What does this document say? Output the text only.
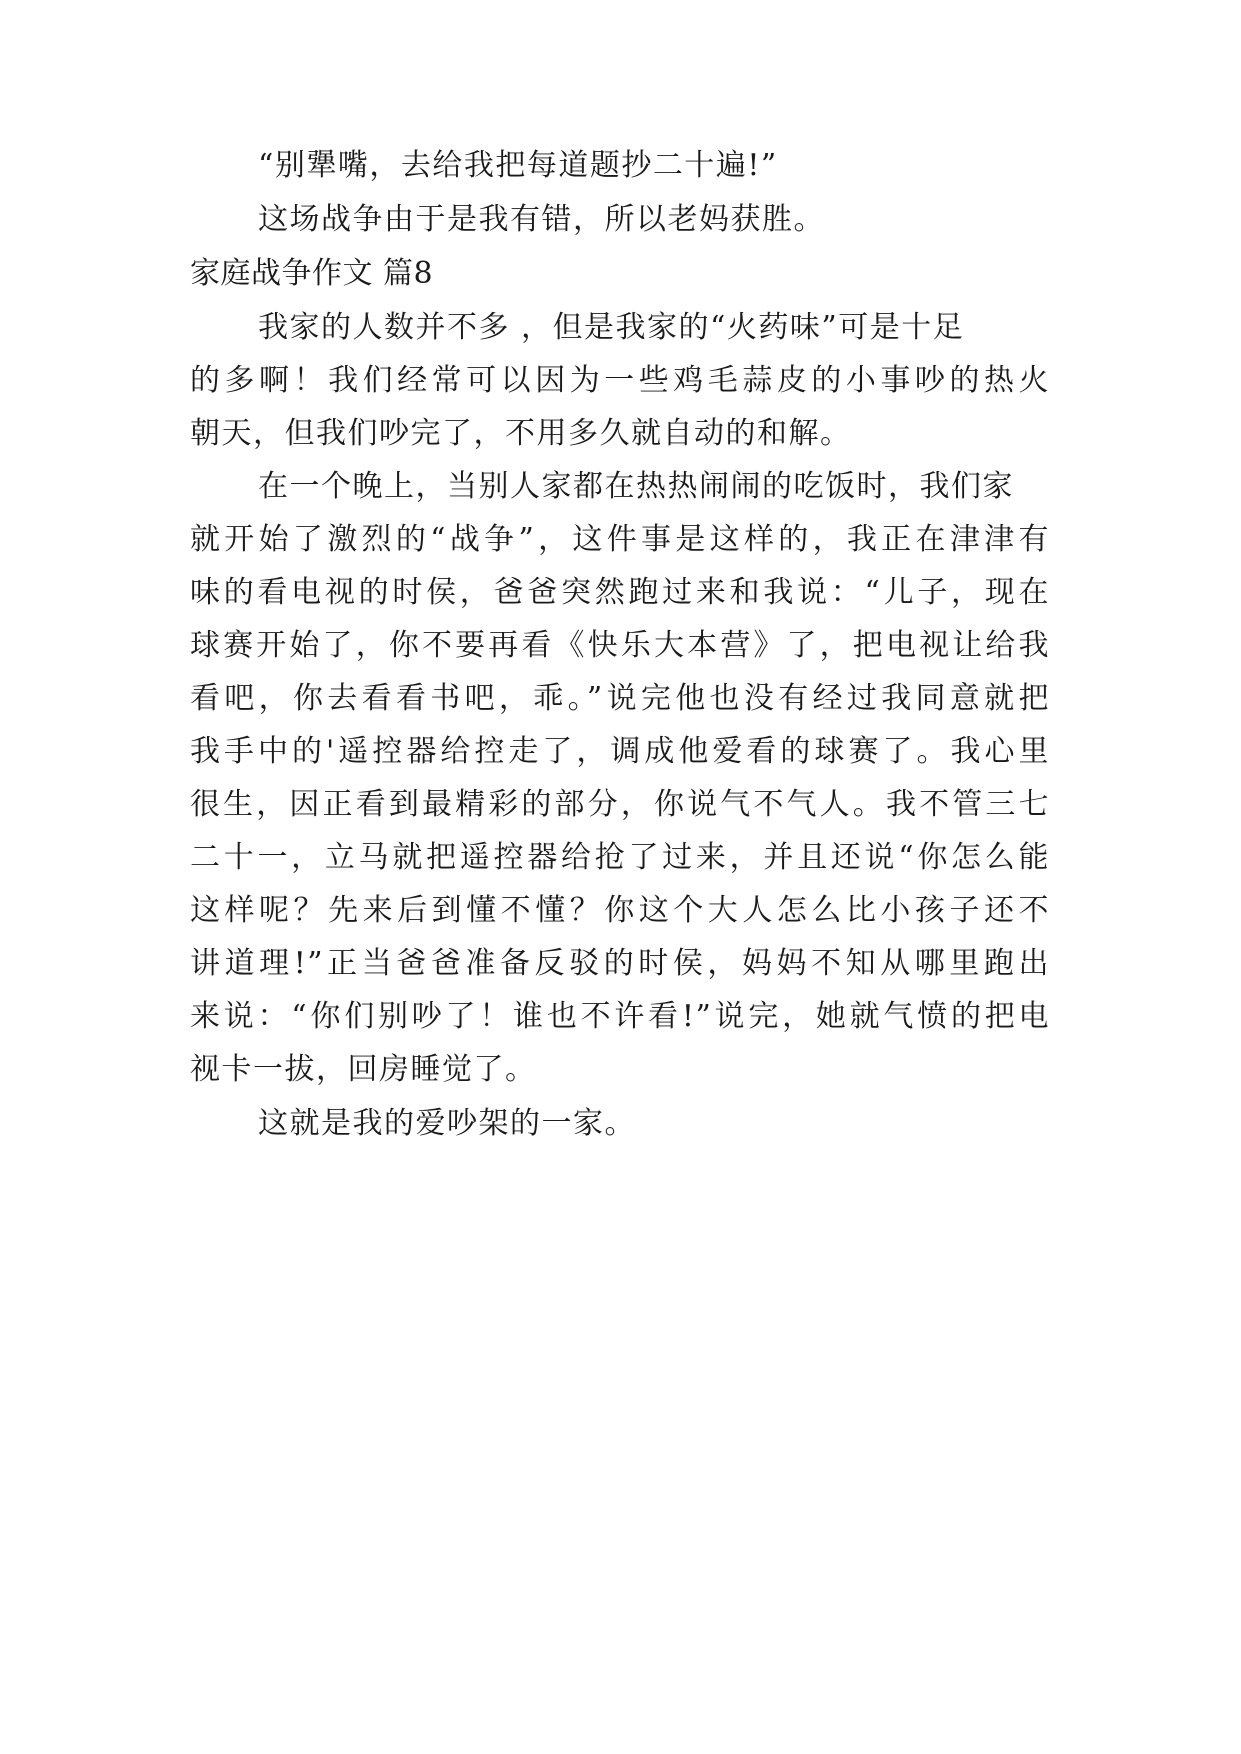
“别犟嘴，去给我把每道题抄二十遍!”
这场战争由于是我有错，所以老妈获胜。
家庭战争作文 篇8
我家的人数并不多 ，但是我家的“火药味”可是十足
的多啊！我们经常可以因为一些鸡毛蒜皮的小事吵的热火
朝天，但我们吵完了，不用多久就自动的和解。
在一个晚上，当别人家都在热热闹闹的吃饭时，我们家
就开始了激烈的“战争”，这件事是这样的，我正在津津有
味的看电视的时侯，爸爸突然跑过来和我说：“儿子，现在
球赛开始了，你不要再看《快乐大本营》了，把电视让给我
看吧，你去看看书吧，乖。”说完他也没有经过我同意就把
我手中的'遥控器给控走了，调成他爱看的球赛了。我心里
很生，因正看到最精彩的部分，你说气不气人。我不管三七
二十一，立马就把遥控器给抢了过来，并且还说“你怎么能
这样呢？先来后到懂不懂？你这个大人怎么比小孩子还不
讲道理!”正当爸爸准备反驳的时侯，妈妈不知从哪里跑出
来说：“你们别吵了！谁也不许看!”说完，她就气愤的把电
视卡一拔，回房睡觉了。
这就是我的爱吵架的一家。
